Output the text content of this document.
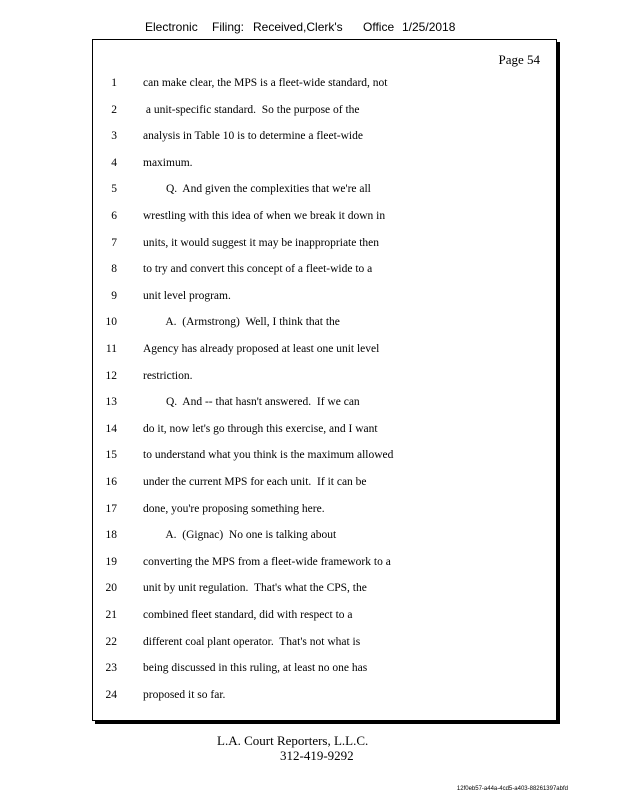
Electronic Filing: Received,Clerk's Office 1/25/2018
Page 54
1 can make clear, the MPS is a fleet-wide standard, not
2 a unit-specific standard.  So the purpose of the
3 analysis in Table 10 is to determine a fleet-wide
4 maximum.
5 Q.  And given the complexities that we're all
6 wrestling with this idea of when we break it down in
7 units, it would suggest it may be inappropriate then
8 to try and convert this concept of a fleet-wide to a
9 unit level program.
10 A.  (Armstrong)  Well, I think that the
11 Agency has already proposed at least one unit level
12 restriction.
13 Q.  And -- that hasn't answered.  If we can
14 do it, now let's go through this exercise, and I want
15 to understand what you think is the maximum allowed
16 under the current MPS for each unit.  If it can be
17 done, you're proposing something here.
18 A.  (Gignac)  No one is talking about
19 converting the MPS from a fleet-wide framework to a
20 unit by unit regulation.  That's what the CPS, the
21 combined fleet standard, did with respect to a
22 different coal plant operator.  That's not what is
23 being discussed in this ruling, at least no one has
24 proposed it so far.
L.A. Court Reporters, L.L.C.
312-419-9292
12f0eb57-a44a-4cd5-a403-88261397abfd
